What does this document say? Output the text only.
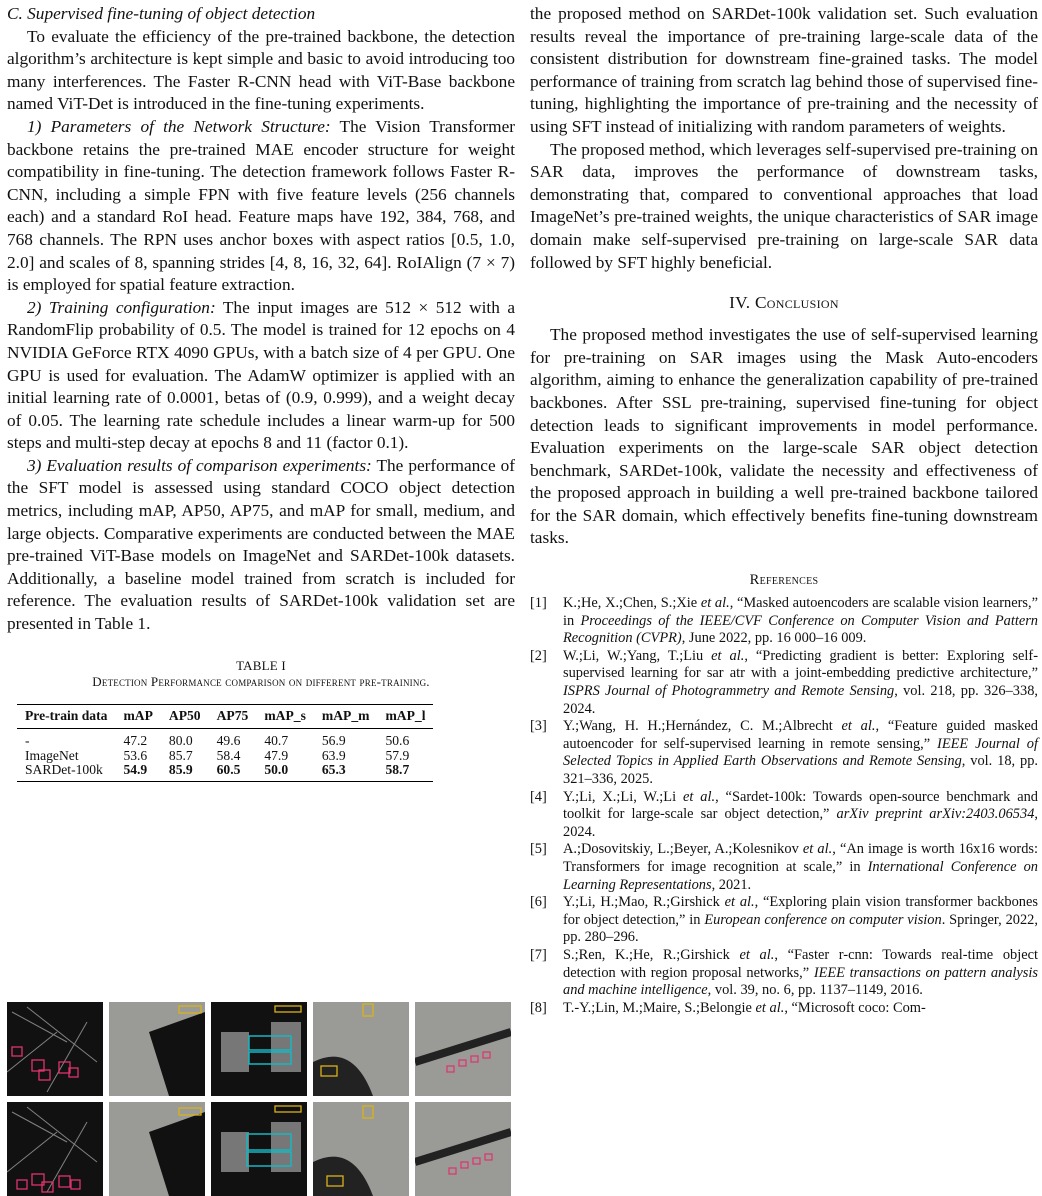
C. Supervised fine-tuning of object detection

To evaluate the efficiency of the pre-trained backbone, the detection algorithm’s architecture is kept simple and basic to avoid introducing too many interferences. The Faster R-CNN head with ViT-Base backbone named ViT-Det is introduced in the fine-tuning experiments.

1) Parameters of the Network Structure: The Vision Transformer backbone retains the pre-trained MAE encoder structure for weight compatibility in fine-tuning. The detection framework follows Faster R-CNN, including a simple FPN with five feature levels (256 channels each) and a standard RoI head. Feature maps have 192, 384, 768, and 768 channels. The RPN uses anchor boxes with aspect ratios [0.5, 1.0, 2.0] and scales of 8, spanning strides [4, 8, 16, 32, 64]. RoIAlign (7 × 7) is employed for spatial feature extraction.

2) Training configuration: The input images are 512 × 512 with a RandomFlip probability of 0.5. The model is trained for 12 epochs on 4 NVIDIA GeForce RTX 4090 GPUs, with a batch size of 4 per GPU. One GPU is used for evaluation. The AdamW optimizer is applied with an initial learning rate of 0.0001, betas of (0.9, 0.999), and a weight decay of 0.05. The learning rate schedule includes a linear warm-up for 500 steps and multi-step decay at epochs 8 and 11 (factor 0.1).

3) Evaluation results of comparison experiments: The performance of the SFT model is assessed using standard COCO object detection metrics, including mAP, AP50, AP75, and mAP for small, medium, and large objects. Comparative experiments are conducted between the MAE pre-trained ViT-Base models on ImageNet and SARDet-100k datasets. Additionally, a baseline model trained from scratch is included for reference. The evaluation results of SARDet-100k validation set are presented in Table 1.

TABLE I
Detection Performance comparison on different pre-training.
Pre-train data	mAP	AP50	AP75	mAP_s	mAP_m	mAP_l
-	47.2	80.0	49.6	40.7	56.9	50.6
ImageNet	53.6	85.7	58.4	47.9	63.9	57.9
SARDet-100k	54.9	85.9	60.5	50.0	65.3	58.7

the proposed method on SARDet-100k validation set. Such evaluation results reveal the importance of pre-training large-scale data of the consistent distribution for downstream fine-grained tasks. The model performance of training from scratch lag behind those of supervised fine-tuning, highlighting the importance of pre-training and the necessity of using SFT instead of initializing with random parameters of weights.

The proposed method, which leverages self-supervised pre-training on SAR data, improves the performance of downstream tasks, demonstrating that, compared to conventional approaches that load ImageNet’s pre-trained weights, the unique characteristics of SAR image domain make self-supervised pre-training on large-scale SAR data followed by SFT highly beneficial.

IV. Conclusion

The proposed method investigates the use of self-supervised learning for pre-training on SAR images using the Mask Auto-encoders algorithm, aiming to enhance the generalization capability of pre-trained backbones. After SSL pre-training, supervised fine-tuning for object detection leads to significant improvements in model performance. Evaluation experiments on the large-scale SAR object detection benchmark, SARDet-100k, validate the necessity and effectiveness of the proposed approach in building a well pre-trained backbone tailored for the SAR domain, which effectively benefits fine-tuning downstream tasks.

References
[1] K.;He, X.;Chen, S.;Xie et al., “Masked autoencoders are scalable vision learners,” in Proceedings of the IEEE/CVF Conference on Computer Vision and Pattern Recognition (CVPR), June 2022, pp. 16 000–16 009.
[2] W.;Li, W.;Yang, T.;Liu et al., “Predicting gradient is better: Exploring self-supervised learning for sar atr with a joint-embedding predictive architecture,” ISPRS Journal of Photogrammetry and Remote Sensing, vol. 218, pp. 326–338, 2024.
[3] Y.;Wang, H. H.;Hernández, C. M.;Albrecht et al., “Feature guided masked autoencoder for self-supervised learning in remote sensing,” IEEE Journal of Selected Topics in Applied Earth Observations and Remote Sensing, vol. 18, pp. 321–336, 2025.
[4] Y.;Li, X.;Li, W.;Li et al., “Sardet-100k: Towards open-source benchmark and toolkit for large-scale sar object detection,” arXiv preprint arXiv:2403.06534, 2024.
[5] A.;Dosovitskiy, L.;Beyer, A.;Kolesnikov et al., “An image is worth 16x16 words: Transformers for image recognition at scale,” in International Conference on Learning Representations, 2021.
[6] Y.;Li, H.;Mao, R.;Girshick et al., “Exploring plain vision transformer backbones for object detection,” in European conference on computer vision. Springer, 2022, pp. 280–296.
[7] S.;Ren, K.;He, R.;Girshick et al., “Faster r-cnn: Towards real-time object detection with region proposal networks,” IEEE transactions on pattern analysis and machine intelligence, vol. 39, no. 6, pp. 1137–1149, 2016.
[8] T.-Y.;Lin, M.;Maire, S.;Belongie et al., “Microsoft coco: Com-
